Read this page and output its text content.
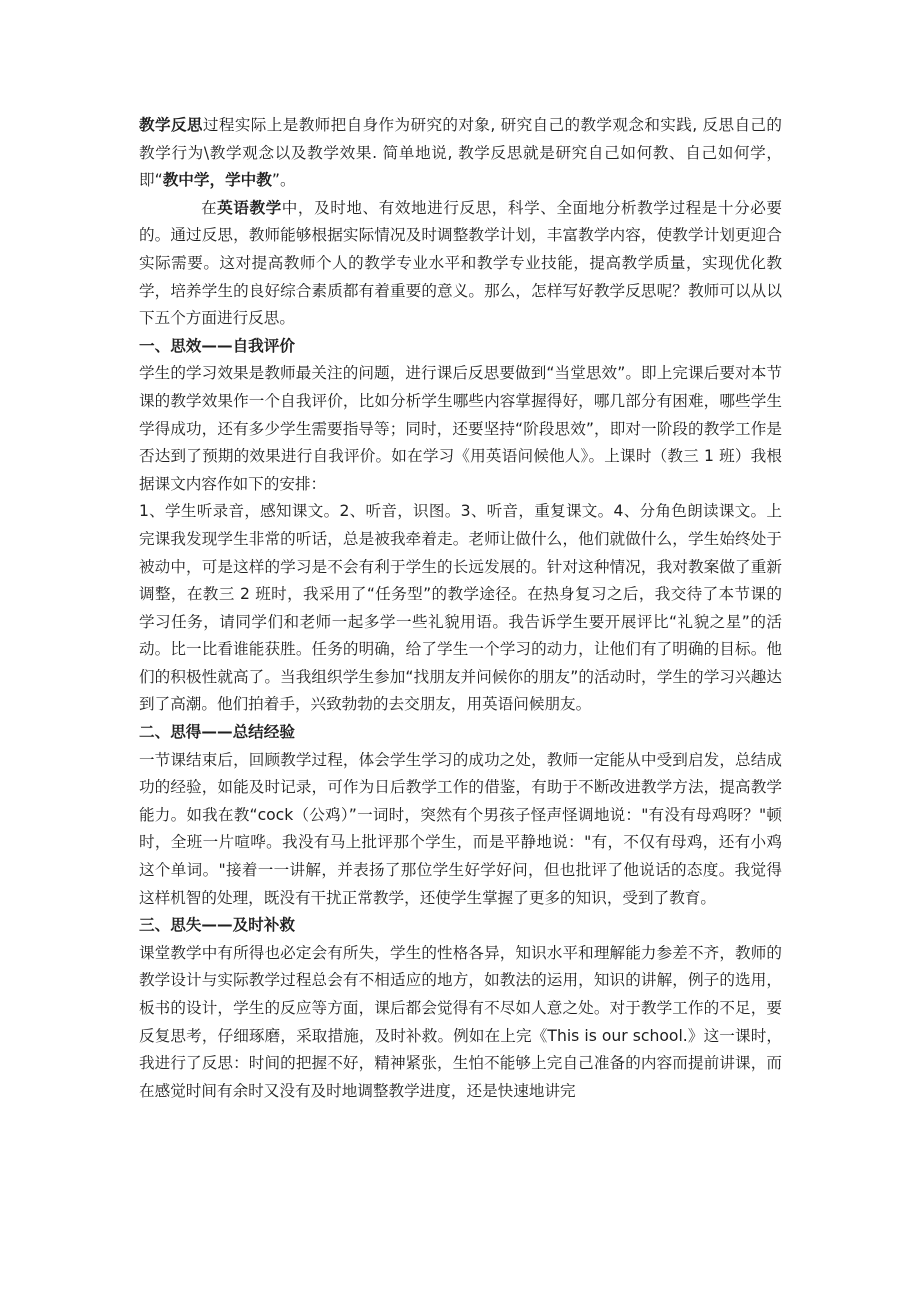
教学反思过程实际上是教师把自身作为研究的对象, 研究自己的教学观念和实践, 反思自己的教学行为\教学观念以及教学效果. 简单地说, 教学反思就是研究自己如何教、自己如何学，即“教中学，学中教”。

在英语教学中，及时地、有效地进行反思，科学、全面地分析教学过程是十分必要的。通过反思，教师能够根据实际情况及时调整教学计划，丰富教学内容，使教学计划更迎合实际需要。这对提高教师个人的教学专业水平和教学专业技能，提高教学质量，实现优化教学，培养学生的良好综合素质都有着重要的意义。那么，怎样写好教学反思呢？教师可以从以下五个方面进行反思。

一、思效——自我评价

学生的学习效果是教师最关注的问题，进行课后反思要做到“当堂思效”。即上完课后要对本节课的教学效果作一个自我评价，比如分析学生哪些内容掌握得好，哪几部分有困难，哪些学生学得成功，还有多少学生需要指导等；同时，还要坚持“阶段思效”，即对一阶段的教学工作是否达到了预期的效果进行自我评价。如在学习《用英语问候他人》。上课时（教三 1 班）我根据课文内容作如下的安排：

1、学生听录音，感知课文。2、听音，识图。3、听音，重复课文。4、分角色朗读课文。上完课我发现学生非常的听话，总是被我牵着走。老师让做什么，他们就做什么，学生始终处于被动中，可是这样的学习是不会有利于学生的长远发展的。针对这种情况，我对教案做了重新调整，在教三 2 班时，我采用了“任务型”的教学途径。在热身复习之后，我交待了本节课的学习任务，请同学们和老师一起多学一些礼貌用语。我告诉学生要开展评比“礼貌之星”的活动。比一比看谁能获胜。任务的明确，给了学生一个学习的动力，让他们有了明确的目标。他们的积极性就高了。当我组织学生参加“找朋友并问候你的朋友”的活动时，学生的学习兴趣达到了高潮。他们拍着手，兴致勃勃的去交朋友，用英语问候朋友。

二、思得——总结经验

一节课结束后，回顾教学过程，体会学生学习的成功之处，教师一定能从中受到启发，总结成功的经验，如能及时记录，可作为日后教学工作的借鉴，有助于不断改进教学方法，提高教学能力。如我在教“cock（公鸡）”一词时，突然有个男孩子怪声怪调地说："有没有母鸡呀？"顿时，全班一片喧哗。我没有马上批评那个学生，而是平静地说："有，不仅有母鸡，还有小鸡这个单词。"接着一一讲解，并表扬了那位学生好学好问，但也批评了他说话的态度。我觉得这样机智的处理，既没有干扰正常教学，还使学生掌握了更多的知识，受到了教育。

三、思失——及时补救

课堂教学中有所得也必定会有所失，学生的性格各异，知识水平和理解能力参差不齐，教师的教学设计与实际教学过程总会有不相适应的地方，如教法的运用，知识的讲解，例子的选用，板书的设计，学生的反应等方面，课后都会觉得有不尽如人意之处。对于教学工作的不足，要反复思考，仔细琢磨，采取措施，及时补救。例如在上完《This is our school.》这一课时，我进行了反思：时间的把握不好，精神紧张，生怕不能够上完自己准备的内容而提前讲课，而在感觉时间有余时又没有及时地调整教学进度，还是快速地讲完
